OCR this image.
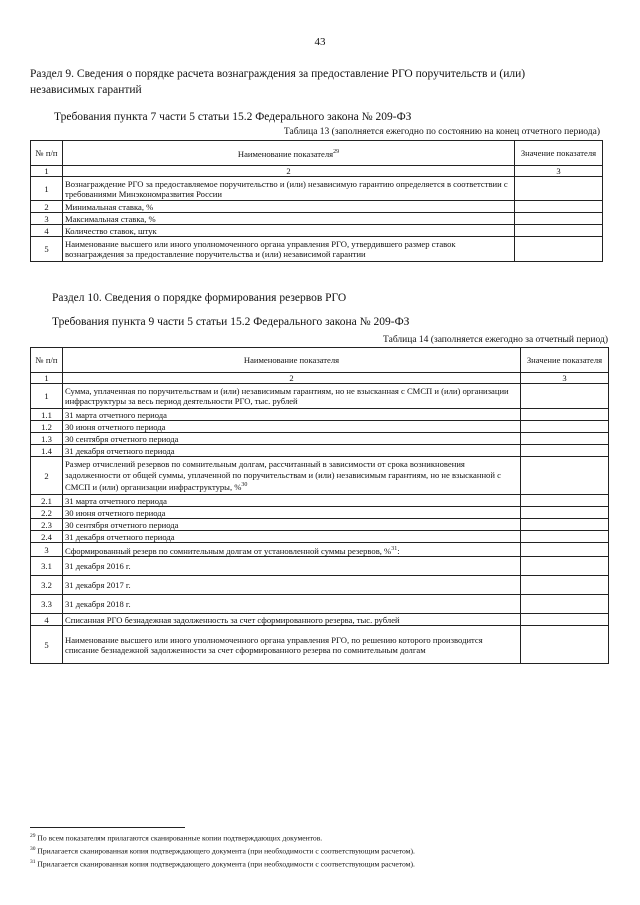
43
Раздел 9. Сведения о порядке расчета вознаграждения за предоставление РГО поручительств и (или)
независимых гарантий
Требования пункта 7 части 5 статьи 15.2 Федерального закона № 209-ФЗ
Таблица 13 (заполняется ежегодно по состоянию на конец отчетного периода)
№ п/п	Наименование показателя$^{29}$	Значение показателя
1	2	3
1	Вознаграждение РГО за предоставляемое поручительство и (или) независимую гарантию определяется в соответствии с требованиями Минэкономразвития России	
2	Минимальная ставка, %	
3	Максимальная ставка, %	
4	Количество ставок, штук	
5	Наименование высшего или иного уполномоченного органа управления РГО, утвердившего размер ставок вознаграждения за предоставление поручительства и (или) независимой гарантии	
Раздел 10. Сведения о порядке формирования резервов РГО
Требования пункта 9 части 5 статьи 15.2 Федерального закона № 209-ФЗ
Таблица 14 (заполняется ежегодно за отчетный период)
№ п/п	Наименование показателя	Значение показателя
1	2	3
1	Сумма, уплаченная по поручительствам и (или) независимым гарантиям, но не взысканная с СМСП и (или) организации инфраструктуры за весь период деятельности РГО, тыс. рублей	
1.1	31 марта отчетного периода	
1.2	30 июня отчетного периода	
1.3	30 сентября отчетного периода	
1.4	31 декабря отчетного периода	
2	Размер отчислений резервов по сомнительным долгам, рассчитанный в зависимости от срока возникновения задолженности от общей суммы, уплаченной по поручительствам и (или) независимым гарантиям, но не взысканной с СМСП и (или) организации инфраструктуры, %$^{30}$	
2.1	31 марта отчетного периода	
2.2	30 июня отчетного периода	
2.3	30 сентября отчетного периода	
2.4	31 декабря отчетного периода	
3	Сформированный резерв по сомнительным долгам от установленной суммы резервов, %$^{31}$:	
3.1	31 декабря 2016 г.	
3.2	31 декабря 2017 г.	
3.3	31 декабря 2018 г.	
4	Списанная РГО безнадежная задолженность за счет сформированного резерва, тыс. рублей	
5	Наименование высшего или иного уполномоченного органа управления РГО, по решению которого производится списание безнадежной задолженности за счет сформированного резерва по сомнительным долгам	
$^{29}$ По всем показателям прилагаются сканированные копии подтверждающих документов.
$^{30}$ Прилагается сканированная копия подтверждающего документа (при необходимости с соответствующим расчетом).
$^{31}$ Прилагается сканированная копия подтверждающего документа (при необходимости с соответствующим расчетом).
